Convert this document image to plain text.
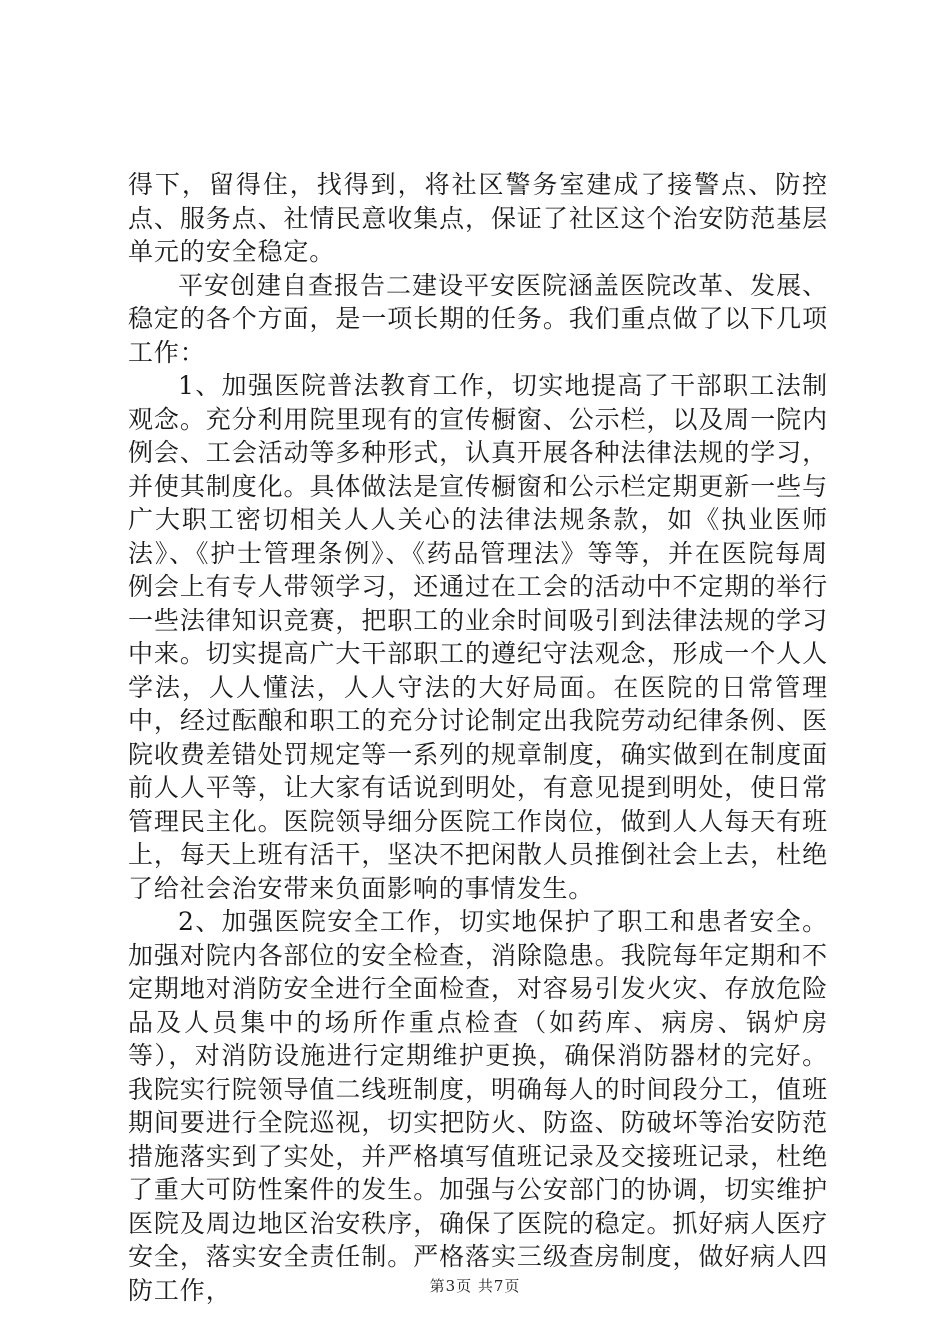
得下，留得住，找得到，将社区警务室建成了接警点、防控点、服务点、社情民意收集点，保证了社区这个治安防范基层单元的安全稳定。

平安创建自查报告二建设平安医院涵盖医院改革、发展、稳定的各个方面，是一项长期的任务。我们重点做了以下几项工作：

1、加强医院普法教育工作，切实地提高了干部职工法制观念。充分利用院里现有的宣传橱窗、公示栏，以及周一院内例会、工会活动等多种形式，认真开展各种法律法规的学习，并使其制度化。具体做法是宣传橱窗和公示栏定期更新一些与广大职工密切相关人人关心的法律法规条款，如《执业医师法》、《护士管理条例》、《药品管理法》等等，并在医院每周例会上有专人带领学习，还通过在工会的活动中不定期的举行一些法律知识竞赛，把职工的业余时间吸引到法律法规的学习中来。切实提高广大干部职工的遵纪守法观念，形成一个人人学法，人人懂法，人人守法的大好局面。在医院的日常管理中，经过酝酿和职工的充分讨论制定出我院劳动纪律条例、医院收费差错处罚规定等一系列的规章制度，确实做到在制度面前人人平等，让大家有话说到明处，有意见提到明处，使日常管理民主化。医院领导细分医院工作岗位，做到人人每天有班上，每天上班有活干，坚决不把闲散人员推倒社会上去，杜绝了给社会治安带来负面影响的事情发生。

2、加强医院安全工作，切实地保护了职工和患者安全。加强对院内各部位的安全检查，消除隐患。我院每年定期和不定期地对消防安全进行全面检查，对容易引发火灾、存放危险品及人员集中的场所作重点检查（如药库、病房、锅炉房等），对消防设施进行定期维护更换，确保消防器材的完好。我院实行院领导值二线班制度，明确每人的时间段分工，值班期间要进行全院巡视，切实把防火、防盗、防破坏等治安防范措施落实到了实处，并严格填写值班记录及交接班记录，杜绝了重大可防性案件的发生。加强与公安部门的协调，切实维护医院及周边地区治安秩序，确保了医院的稳定。抓好病人医疗安全，落实安全责任制。严格落实三级查房制度，做好病人四防工作，	第3页 共7页
